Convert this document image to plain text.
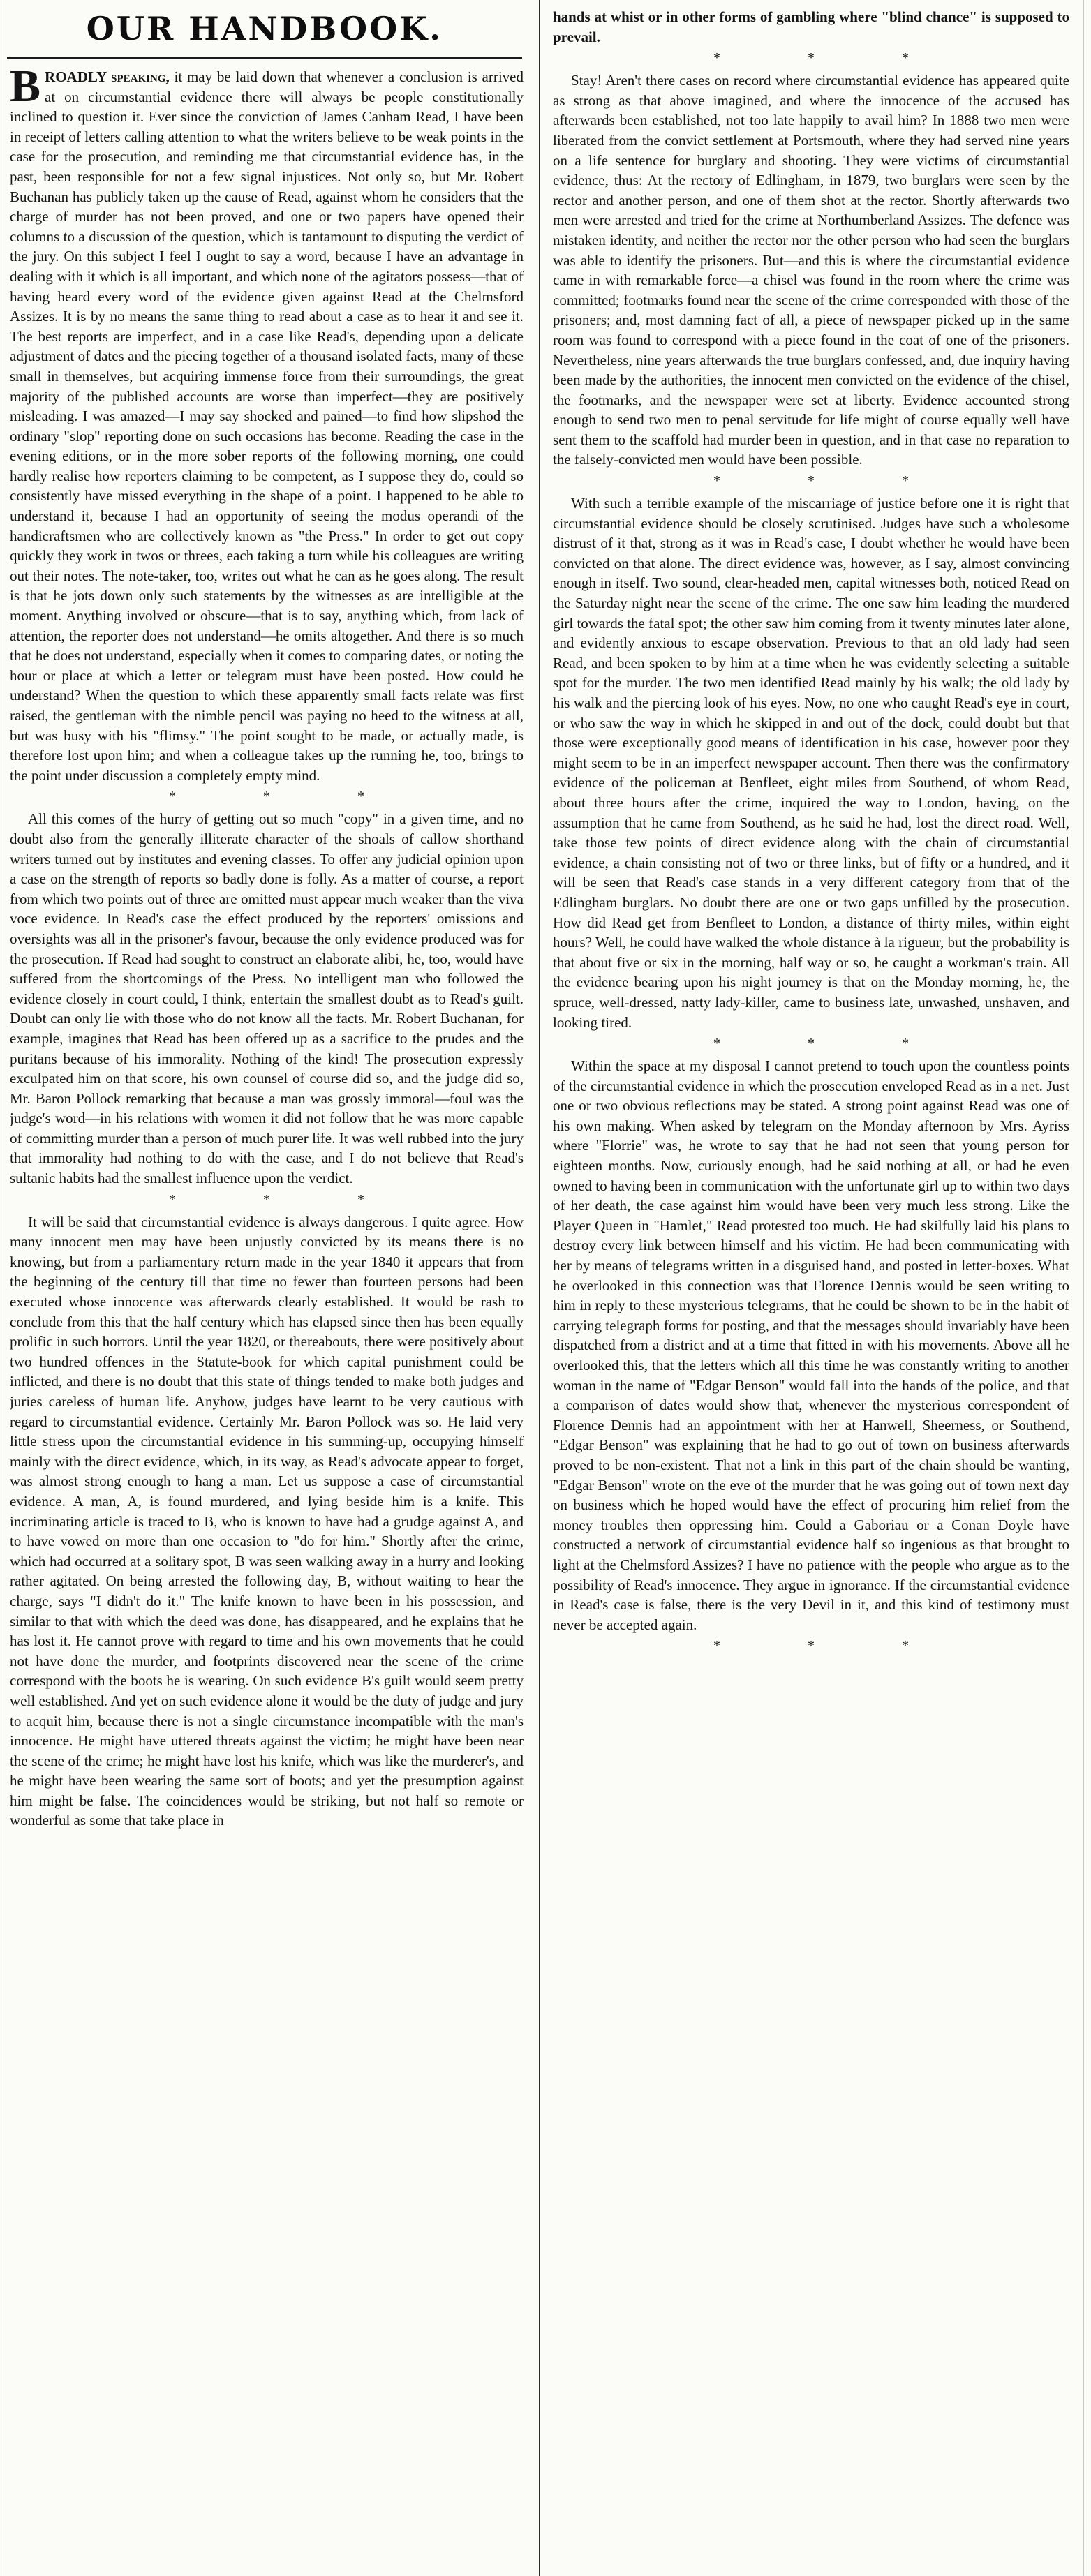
OUR HANDBOOK.

BROADLY speaking, it may be laid down that whenever a conclusion is arrived at on circumstantial evidence there will always be people constitutionally inclined to question it. Ever since the conviction of James Canham Read, I have been in receipt of letters calling attention to what the writers believe to be weak points in the case for the prosecution, and reminding me that circumstantial evidence has, in the past, been responsible for not a few signal injustices. Not only so, but Mr. Robert Buchanan has publicly taken up the cause of Read, against whom he considers that the charge of murder has not been proved, and one or two papers have opened their columns to a discussion of the question, which is tantamount to disputing the verdict of the jury. On this subject I feel I ought to say a word, because I have an advantage in dealing with it which is all important, and which none of the agitators possess—that of having heard every word of the evidence given against Read at the Chelmsford Assizes. It is by no means the same thing to read about a case as to hear it and see it. The best reports are imperfect, and in a case like Read's, depending upon a delicate adjustment of dates and the piecing together of a thousand isolated facts, many of these small in themselves, but acquiring immense force from their surroundings, the great majority of the published accounts are worse than imperfect—they are positively misleading. I was amazed—I may say shocked and pained—to find how slipshod the ordinary "slop" reporting done on such occasions has become. Reading the case in the evening editions, or in the more sober reports of the following morning, one could hardly realise how reporters claiming to be competent, as I suppose they do, could so consistently have missed everything in the shape of a point. I happened to be able to understand it, because I had an opportunity of seeing the modus operandi of the handicraftsmen who are collectively known as "the Press." In order to get out copy quickly they work in twos or threes, each taking a turn while his colleagues are writing out their notes. The note-taker, too, writes out what he can as he goes along. The result is that he jots down only such statements by the witnesses as are intelligible at the moment. Anything involved or obscure—that is to say, anything which, from lack of attention, the reporter does not understand—he omits altogether. And there is so much that he does not understand, especially when it comes to comparing dates, or noting the hour or place at which a letter or telegram must have been posted. How could he understand? When the question to which these apparently small facts relate was first raised, the gentleman with the nimble pencil was paying no heed to the witness at all, but was busy with his "flimsy." The point sought to be made, or actually made, is therefore lost upon him; and when a colleague takes up the running he, too, brings to the point under discussion a completely empty mind.

* * *

All this comes of the hurry of getting out so much "copy" in a given time, and no doubt also from the generally illiterate character of the shoals of callow shorthand writers turned out by institutes and evening classes. To offer any judicial opinion upon a case on the strength of reports so badly done is folly. As a matter of course, a report from which two points out of three are omitted must appear much weaker than the viva voce evidence. In Read's case the effect produced by the reporters' omissions and oversights was all in the prisoner's favour, because the only evidence produced was for the prosecution. If Read had sought to construct an elaborate alibi, he, too, would have suffered from the shortcomings of the Press. No intelligent man who followed the evidence closely in court could, I think, entertain the smallest doubt as to Read's guilt. Doubt can only lie with those who do not know all the facts. Mr. Robert Buchanan, for example, imagines that Read has been offered up as a sacrifice to the prudes and the puritans because of his immorality. Nothing of the kind! The prosecution expressly exculpated him on that score, his own counsel of course did so, and the judge did so, Mr. Baron Pollock remarking that because a man was grossly immoral—foul was the judge's word—in his relations with women it did not follow that he was more capable of committing murder than a person of much purer life. It was well rubbed into the jury that immorality had nothing to do with the case, and I do not believe that Read's sultanic habits had the smallest influence upon the verdict.

* * *

It will be said that circumstantial evidence is always dangerous. I quite agree. How many innocent men may have been unjustly convicted by its means there is no knowing, but from a parliamentary return made in the year 1840 it appears that from the beginning of the century till that time no fewer than fourteen persons had been executed whose innocence was afterwards clearly established. It would be rash to conclude from this that the half century which has elapsed since then has been equally prolific in such horrors. Until the year 1820, or thereabouts, there were positively about two hundred offences in the Statute-book for which capital punishment could be inflicted, and there is no doubt that this state of things tended to make both judges and juries careless of human life. Anyhow, judges have learnt to be very cautious with regard to circumstantial evidence. Certainly Mr. Baron Pollock was so. He laid very little stress upon the circumstantial evidence in his summing-up, occupying himself mainly with the direct evidence, which, in its way, as Read's advocate appear to forget, was almost strong enough to hang a man. Let us suppose a case of circumstantial evidence. A man, A, is found murdered, and lying beside him is a knife. This incriminating article is traced to B, who is known to have had a grudge against A, and to have vowed on more than one occasion to "do for him." Shortly after the crime, which had occurred at a solitary spot, B was seen walking away in a hurry and looking rather agitated. On being arrested the following day, B, without waiting to hear the charge, says "I didn't do it." The knife known to have been in his possession, and similar to that with which the deed was done, has disappeared, and he explains that he has lost it. He cannot prove with regard to time and his own movements that he could not have done the murder, and footprints discovered near the scene of the crime correspond with the boots he is wearing. On such evidence B's guilt would seem pretty well established. And yet on such evidence alone it would be the duty of judge and jury to acquit him, because there is not a single circumstance incompatible with the man's innocence. He might have uttered threats against the victim; he might have been near the scene of the crime; he might have lost his knife, which was like the murderer's, and he might have been wearing the same sort of boots; and yet the presumption against him might be false. The coincidences would be striking, but not half so remote or wonderful as some that take place in

hands at whist or in other forms of gambling where "blind chance" is supposed to prevail.

* * *

Stay! Aren't there cases on record where circumstantial evidence has appeared quite as strong as that above imagined, and where the innocence of the accused has afterwards been established, not too late happily to avail him? In 1888 two men were liberated from the convict settlement at Portsmouth, where they had served nine years on a life sentence for burglary and shooting. They were victims of circumstantial evidence, thus: At the rectory of Edlingham, in 1879, two burglars were seen by the rector and another person, and one of them shot at the rector. Shortly afterwards two men were arrested and tried for the crime at Northumberland Assizes. The defence was mistaken identity, and neither the rector nor the other person who had seen the burglars was able to identify the prisoners. But—and this is where the circumstantial evidence came in with remarkable force—a chisel was found in the room where the crime was committed; footmarks found near the scene of the crime corresponded with those of the prisoners; and, most damning fact of all, a piece of newspaper picked up in the same room was found to correspond with a piece found in the coat of one of the prisoners. Nevertheless, nine years afterwards the true burglars confessed, and, due inquiry having been made by the authorities, the innocent men convicted on the evidence of the chisel, the footmarks, and the newspaper were set at liberty. Evidence accounted strong enough to send two men to penal servitude for life might of course equally well have sent them to the scaffold had murder been in question, and in that case no reparation to the falsely-convicted men would have been possible.

* * *

With such a terrible example of the miscarriage of justice before one it is right that circumstantial evidence should be closely scrutinised. Judges have such a wholesome distrust of it that, strong as it was in Read's case, I doubt whether he would have been convicted on that alone. The direct evidence was, however, as I say, almost convincing enough in itself. Two sound, clear-headed men, capital witnesses both, noticed Read on the Saturday night near the scene of the crime. The one saw him leading the murdered girl towards the fatal spot; the other saw him coming from it twenty minutes later alone, and evidently anxious to escape observation. Previous to that an old lady had seen Read, and been spoken to by him at a time when he was evidently selecting a suitable spot for the murder. The two men identified Read mainly by his walk; the old lady by his walk and the piercing look of his eyes. Now, no one who caught Read's eye in court, or who saw the way in which he skipped in and out of the dock, could doubt but that those were exceptionally good means of identification in his case, however poor they might seem to be in an imperfect newspaper account. Then there was the confirmatory evidence of the policeman at Benfleet, eight miles from Southend, of whom Read, about three hours after the crime, inquired the way to London, having, on the assumption that he came from Southend, as he said he had, lost the direct road. Well, take those few points of direct evidence along with the chain of circumstantial evidence, a chain consisting not of two or three links, but of fifty or a hundred, and it will be seen that Read's case stands in a very different category from that of the Edlingham burglars. No doubt there are one or two gaps unfilled by the prosecution. How did Read get from Benfleet to London, a distance of thirty miles, within eight hours? Well, he could have walked the whole distance à la rigueur, but the probability is that about five or six in the morning, half way or so, he caught a workman's train. All the evidence bearing upon his night journey is that on the Monday morning, he, the spruce, well-dressed, natty lady-killer, came to business late, unwashed, unshaven, and looking tired.

* * *

Within the space at my disposal I cannot pretend to touch upon the countless points of the circumstantial evidence in which the prosecution enveloped Read as in a net. Just one or two obvious reflections may be stated. A strong point against Read was one of his own making. When asked by telegram on the Monday afternoon by Mrs. Ayriss where "Florrie" was, he wrote to say that he had not seen that young person for eighteen months. Now, curiously enough, had he said nothing at all, or had he even owned to having been in communication with the unfortunate girl up to within two days of her death, the case against him would have been very much less strong. Like the Player Queen in "Hamlet," Read protested too much. He had skilfully laid his plans to destroy every link between himself and his victim. He had been communicating with her by means of telegrams written in a disguised hand, and posted in letter-boxes. What he overlooked in this connection was that Florence Dennis would be seen writing to him in reply to these mysterious telegrams, that he could be shown to be in the habit of carrying telegraph forms for posting, and that the messages should invariably have been dispatched from a district and at a time that fitted in with his movements. Above all he overlooked this, that the letters which all this time he was constantly writing to another woman in the name of "Edgar Benson" would fall into the hands of the police, and that a comparison of dates would show that, whenever the mysterious correspondent of Florence Dennis had an appointment with her at Hanwell, Sheerness, or Southend, "Edgar Benson" was explaining that he had to go out of town on business afterwards proved to be non-existent. That not a link in this part of the chain should be wanting, "Edgar Benson" wrote on the eve of the murder that he was going out of town next day on business which he hoped would have the effect of procuring him relief from the money troubles then oppressing him. Could a Gaboriau or a Conan Doyle have constructed a network of circumstantial evidence half so ingenious as that brought to light at the Chelmsford Assizes? I have no patience with the people who argue as to the possibility of Read's innocence. They argue in ignorance. If the circumstantial evidence in Read's case is false, there is the very Devil in it, and this kind of testimony must never be accepted again.

* * *
